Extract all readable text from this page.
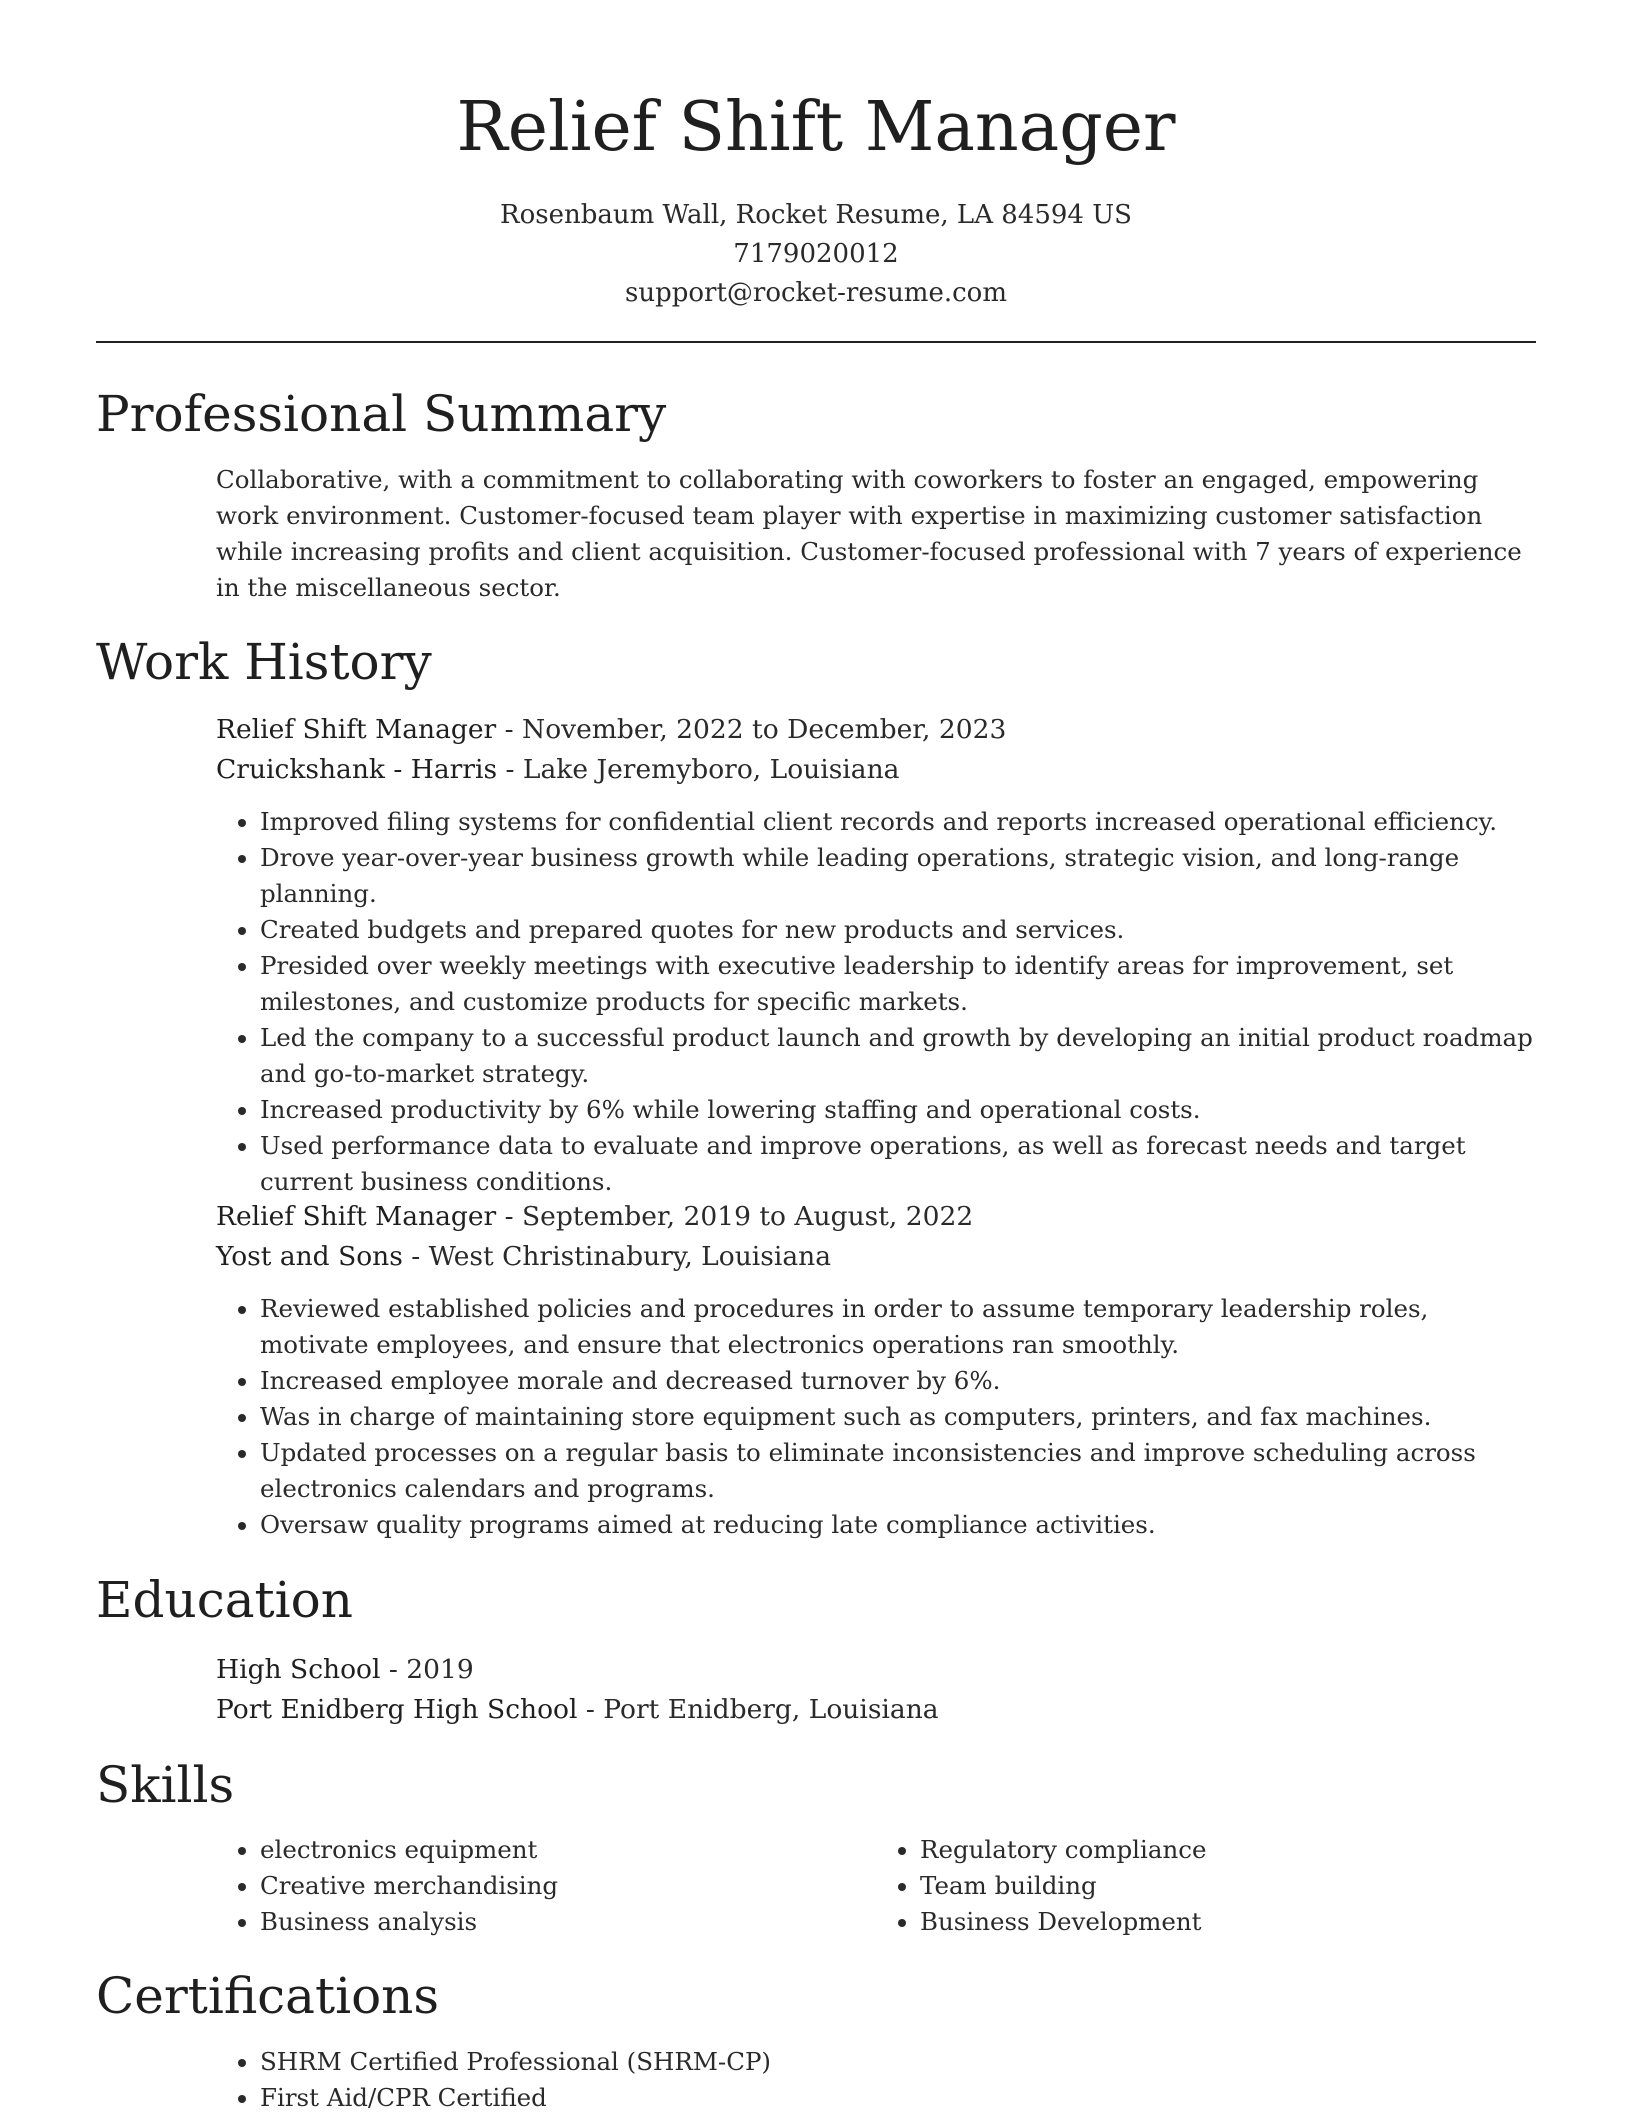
Relief Shift Manager
Rosenbaum Wall, Rocket Resume, LA 84594 US
7179020012
support@rocket-resume.com
Professional Summary

Collaborative, with a commitment to collaborating with coworkers to foster an engaged, empowering work environment. Customer-focused team player with expertise in maximizing customer satisfaction while increasing profits and client acquisition. Customer-focused professional with 7 years of experience in the miscellaneous sector.

Work History
Relief Shift Manager - November, 2022 to December, 2023
Cruickshank - Harris - Lake Jeremyboro, Louisiana
• Improved filing systems for confidential client records and reports increased operational efficiency.
• Drove year-over-year business growth while leading operations, strategic vision, and long-range planning.
• Created budgets and prepared quotes for new products and services.
• Presided over weekly meetings with executive leadership to identify areas for improvement, set milestones, and customize products for specific markets.
• Led the company to a successful product launch and growth by developing an initial product roadmap and go-to-market strategy.
• Increased productivity by 6% while lowering staffing and operational costs.
• Used performance data to evaluate and improve operations, as well as forecast needs and target current business conditions.
Relief Shift Manager - September, 2019 to August, 2022
Yost and Sons - West Christinabury, Louisiana
• Reviewed established policies and procedures in order to assume temporary leadership roles, motivate employees, and ensure that electronics operations ran smoothly.
• Increased employee morale and decreased turnover by 6%.
• Was in charge of maintaining store equipment such as computers, printers, and fax machines.
• Updated processes on a regular basis to eliminate inconsistencies and improve scheduling across electronics calendars and programs.
• Oversaw quality programs aimed at reducing late compliance activities.
Education
High School - 2019
Port Enidberg High School - Port Enidberg, Louisiana
Skills
• electronics equipment
• Creative merchandising
• Business analysis
• Regulatory compliance
• Team building
• Business Development
Certifications
• SHRM Certified Professional (SHRM-CP)
• First Aid/CPR Certified
